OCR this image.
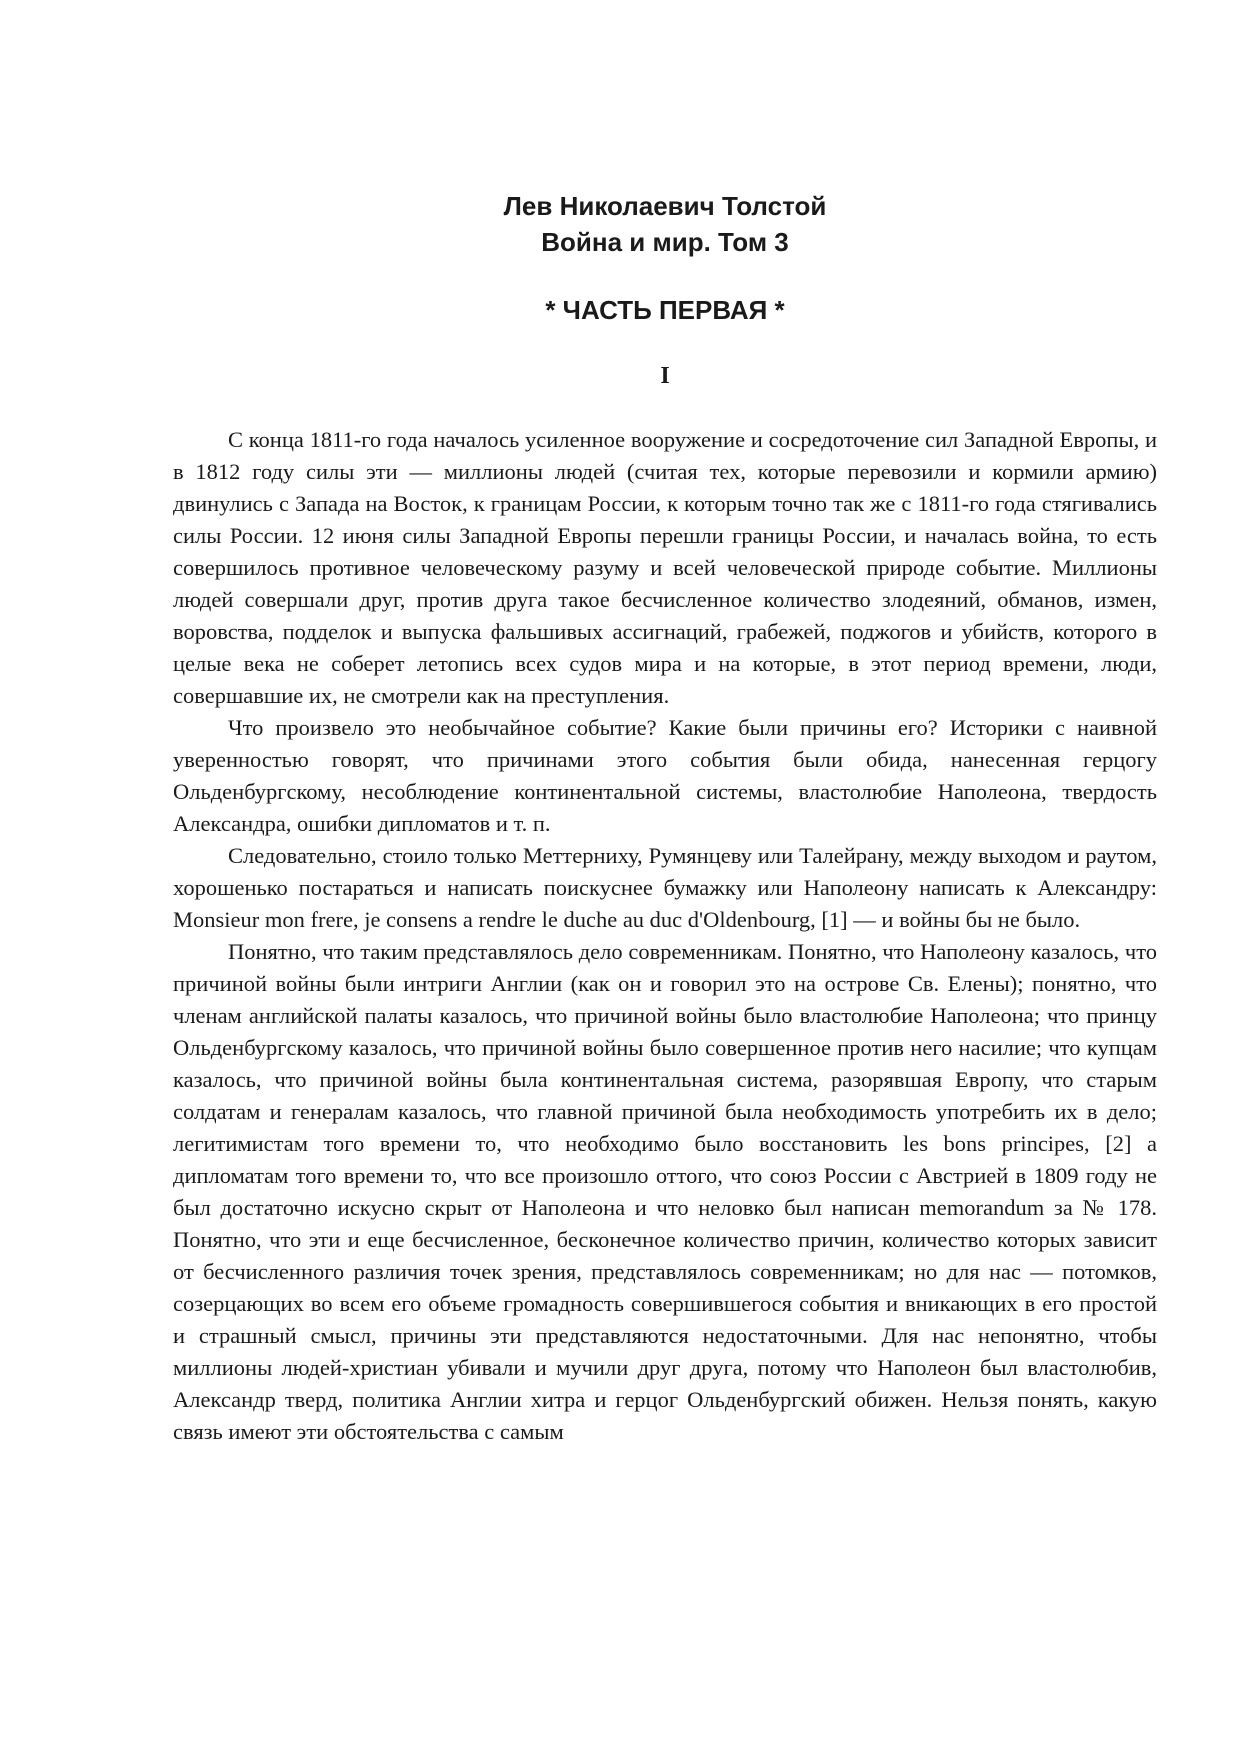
Лев Николаевич Толстой
Война и мир. Том 3
* ЧАСТЬ ПЕРВАЯ *
I

С конца 1811-го года началось усиленное вооружение и сосредоточение сил Западной Европы, и в 1812 году силы эти — миллионы людей (считая тех, которые перевозили и кормили армию) двинулись с Запада на Восток, к границам России, к которым точно так же с 1811-го года стягивались силы России. 12 июня силы Западной Европы перешли границы России, и началась война, то есть совершилось противное человеческому разуму и всей человеческой природе событие. Миллионы людей совершали друг, против друга такое бесчисленное количество злодеяний, обманов, измен, воровства, подделок и выпуска фальшивых ассигнаций, грабежей, поджогов и убийств, которого в целые века не соберет летопись всех судов мира и на которые, в этот период времени, люди, совершавшие их, не смотрели как на преступления.

Что произвело это необычайное событие? Какие были причины его? Историки с наивной уверенностью говорят, что причинами этого события были обида, нанесенная герцогу Ольденбургскому, несоблюдение континентальной системы, властолюбие Наполеона, твердость Александра, ошибки дипломатов и т. п.

Следовательно, стоило только Меттерниху, Румянцеву или Талейрану, между выходом и раутом, хорошенько постараться и написать поискуснее бумажку или Наполеону написать к Александру: Monsieur mon frere, je consens a rendre le duche au duc d'Oldenbourg, [1] — и войны бы не было.

Понятно, что таким представлялось дело современникам. Понятно, что Наполеону казалось, что причиной войны были интриги Англии (как он и говорил это на острове Св. Елены); понятно, что членам английской палаты казалось, что причиной войны было властолюбие Наполеона; что принцу Ольденбургскому казалось, что причиной войны было совершенное против него насилие; что купцам казалось, что причиной войны была континентальная система, разорявшая Европу, что старым солдатам и генералам казалось, что главной причиной была необходимость употребить их в дело; легитимистам того времени то, что необходимо было восстановить les bons principes, [2] а дипломатам того времени то, что все произошло оттого, что союз России с Австрией в 1809 году не был достаточно искусно скрыт от Наполеона и что неловко был написан memorandum за № 178. Понятно, что эти и еще бесчисленное, бесконечное количество причин, количество которых зависит от бесчисленного различия точек зрения, представлялось современникам; но для нас — потомков, созерцающих во всем его объеме громадность совершившегося события и вникающих в его простой и страшный смысл, причины эти представляются недостаточными. Для нас непонятно, чтобы миллионы людей-христиан убивали и мучили друг друга, потому что Наполеон был властолюбив, Александр тверд, политика Англии хитра и герцог Ольденбургский обижен. Нельзя понять, какую связь имеют эти обстоятельства с самым
